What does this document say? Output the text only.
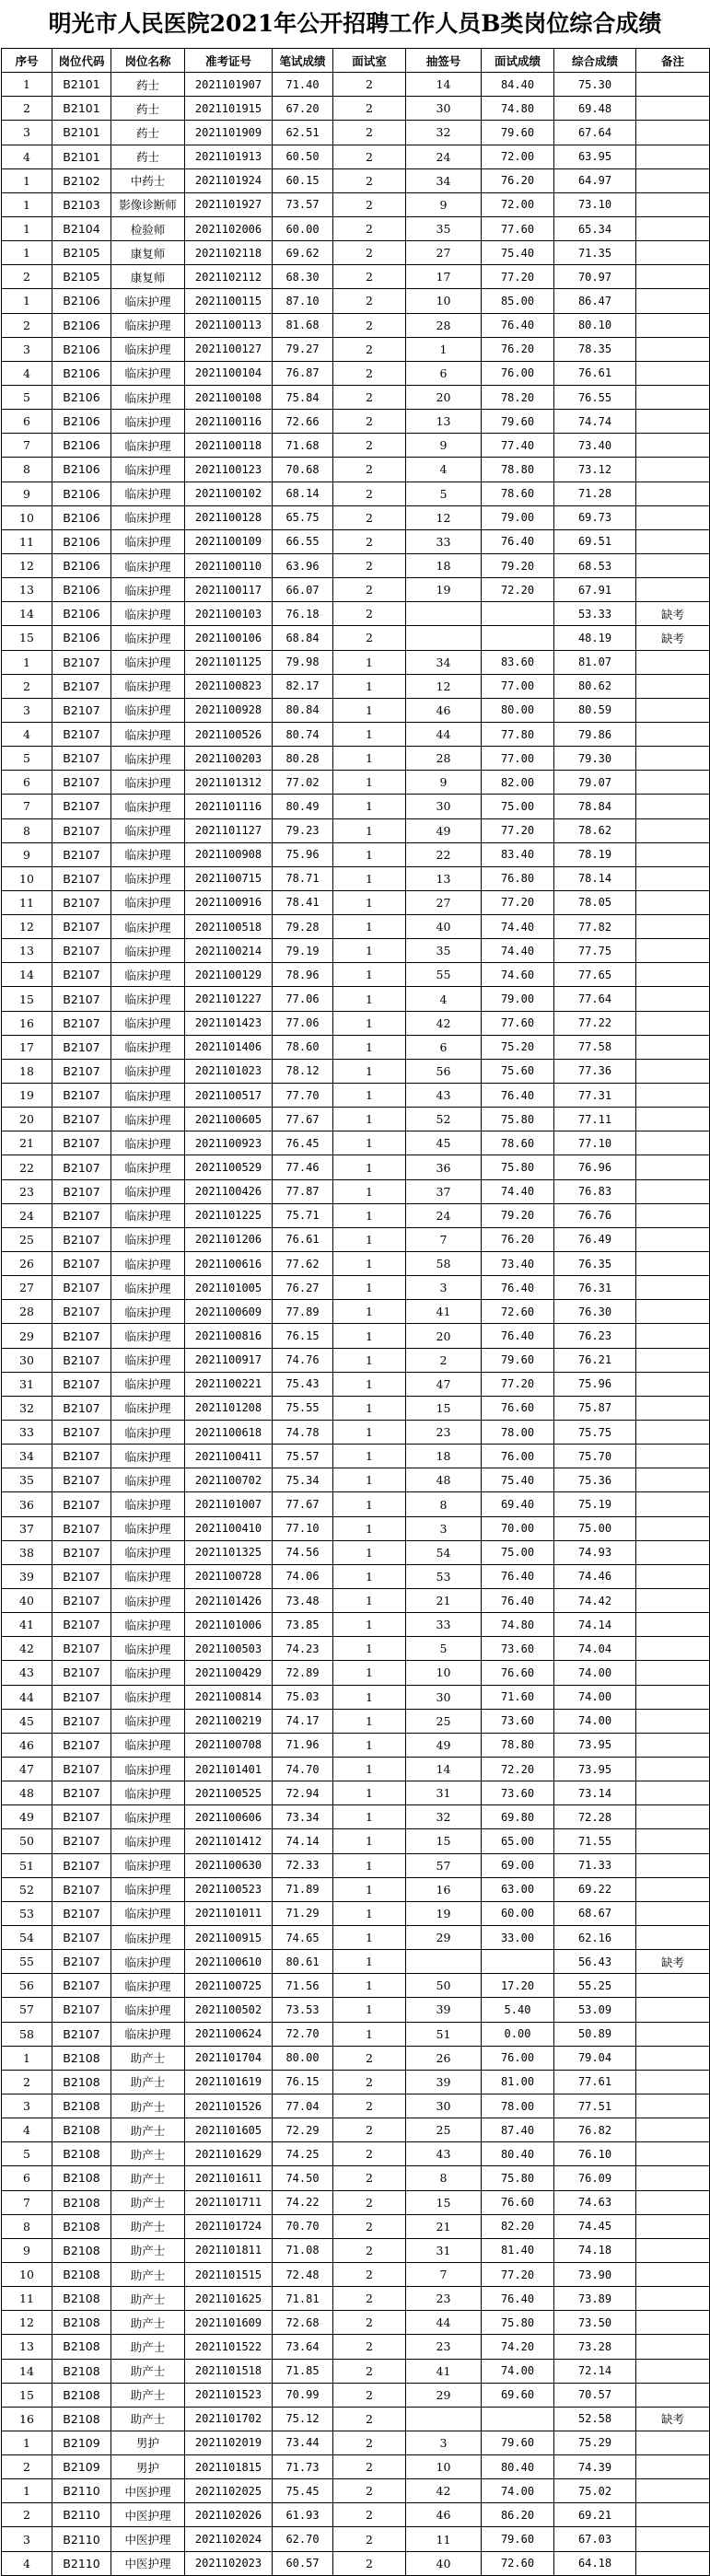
明光市人民医院2021年公开招聘工作人员B类岗位综合成绩
序号	岗位代码	岗位名称	准考证号	笔试成绩	面试室	抽签号	面试成绩	综合成绩	备注
1	B2101	药士	2021101907	71.40	2	14	84.40	75.30	
2	B2101	药士	2021101915	67.20	2	30	74.80	69.48	
3	B2101	药士	2021101909	62.51	2	32	79.60	67.64	
4	B2101	药士	2021101913	60.50	2	24	72.00	63.95	
1	B2102	中药士	2021101924	60.15	2	34	76.20	64.97	
1	B2103	影像诊断师	2021101927	73.57	2	9	72.00	73.10	
1	B2104	检验师	2021102006	60.00	2	35	77.60	65.34	
1	B2105	康复师	2021102118	69.62	2	27	75.40	71.35	
2	B2105	康复师	2021102112	68.30	2	17	77.20	70.97	
1	B2106	临床护理	2021100115	87.10	2	10	85.00	86.47	
2	B2106	临床护理	2021100113	81.68	2	28	76.40	80.10	
3	B2106	临床护理	2021100127	79.27	2	1	76.20	78.35	
4	B2106	临床护理	2021100104	76.87	2	6	76.00	76.61	
5	B2106	临床护理	2021100108	75.84	2	20	78.20	76.55	
6	B2106	临床护理	2021100116	72.66	2	13	79.60	74.74	
7	B2106	临床护理	2021100118	71.68	2	9	77.40	73.40	
8	B2106	临床护理	2021100123	70.68	2	4	78.80	73.12	
9	B2106	临床护理	2021100102	68.14	2	5	78.60	71.28	
10	B2106	临床护理	2021100128	65.75	2	12	79.00	69.73	
11	B2106	临床护理	2021100109	66.55	2	33	76.40	69.51	
12	B2106	临床护理	2021100110	63.96	2	18	79.20	68.53	
13	B2106	临床护理	2021100117	66.07	2	19	72.20	67.91	
14	B2106	临床护理	2021100103	76.18	2			53.33	缺考
15	B2106	临床护理	2021100106	68.84	2			48.19	缺考
1	B2107	临床护理	2021101125	79.98	1	34	83.60	81.07	
2	B2107	临床护理	2021100823	82.17	1	12	77.00	80.62	
3	B2107	临床护理	2021100928	80.84	1	46	80.00	80.59	
4	B2107	临床护理	2021100526	80.74	1	44	77.80	79.86	
5	B2107	临床护理	2021100203	80.28	1	28	77.00	79.30	
6	B2107	临床护理	2021101312	77.02	1	9	82.00	79.07	
7	B2107	临床护理	2021101116	80.49	1	30	75.00	78.84	
8	B2107	临床护理	2021101127	79.23	1	49	77.20	78.62	
9	B2107	临床护理	2021100908	75.96	1	22	83.40	78.19	
10	B2107	临床护理	2021100715	78.71	1	13	76.80	78.14	
11	B2107	临床护理	2021100916	78.41	1	27	77.20	78.05	
12	B2107	临床护理	2021100518	79.28	1	40	74.40	77.82	
13	B2107	临床护理	2021100214	79.19	1	35	74.40	77.75	
14	B2107	临床护理	2021100129	78.96	1	55	74.60	77.65	
15	B2107	临床护理	2021101227	77.06	1	4	79.00	77.64	
16	B2107	临床护理	2021101423	77.06	1	42	77.60	77.22	
17	B2107	临床护理	2021101406	78.60	1	6	75.20	77.58	
18	B2107	临床护理	2021101023	78.12	1	56	75.60	77.36	
19	B2107	临床护理	2021100517	77.70	1	43	76.40	77.31	
20	B2107	临床护理	2021100605	77.67	1	52	75.80	77.11	
21	B2107	临床护理	2021100923	76.45	1	45	78.60	77.10	
22	B2107	临床护理	2021100529	77.46	1	36	75.80	76.96	
23	B2107	临床护理	2021100426	77.87	1	37	74.40	76.83	
24	B2107	临床护理	2021101225	75.71	1	24	79.20	76.76	
25	B2107	临床护理	2021101206	76.61	1	7	76.20	76.49	
26	B2107	临床护理	2021100616	77.62	1	58	73.40	76.35	
27	B2107	临床护理	2021101005	76.27	1	3	76.40	76.31	
28	B2107	临床护理	2021100609	77.89	1	41	72.60	76.30	
29	B2107	临床护理	2021100816	76.15	1	20	76.40	76.23	
30	B2107	临床护理	2021100917	74.76	1	2	79.60	76.21	
31	B2107	临床护理	2021100221	75.43	1	47	77.20	75.96	
32	B2107	临床护理	2021101208	75.55	1	15	76.60	75.87	
33	B2107	临床护理	2021100618	74.78	1	23	78.00	75.75	
34	B2107	临床护理	2021100411	75.57	1	18	76.00	75.70	
35	B2107	临床护理	2021100702	75.34	1	48	75.40	75.36	
36	B2107	临床护理	2021101007	77.67	1	8	69.40	75.19	
37	B2107	临床护理	2021100410	77.10	1	3	70.00	75.00	
38	B2107	临床护理	2021101325	74.56	1	54	75.00	74.93	
39	B2107	临床护理	2021100728	74.06	1	53	76.40	74.46	
40	B2107	临床护理	2021101426	73.48	1	21	76.40	74.42	
41	B2107	临床护理	2021101006	73.85	1	33	74.80	74.14	
42	B2107	临床护理	2021100503	74.23	1	5	73.60	74.04	
43	B2107	临床护理	2021100429	72.89	1	10	76.60	74.00	
44	B2107	临床护理	2021100814	75.03	1	30	71.60	74.00	
45	B2107	临床护理	2021100219	74.17	1	25	73.60	74.00	
46	B2107	临床护理	2021100708	71.96	1	49	78.80	73.95	
47	B2107	临床护理	2021101401	74.70	1	14	72.20	73.95	
48	B2107	临床护理	2021100525	72.94	1	31	73.60	73.14	
49	B2107	临床护理	2021100606	73.34	1	32	69.80	72.28	
50	B2107	临床护理	2021101412	74.14	1	15	65.00	71.55	
51	B2107	临床护理	2021100630	72.33	1	57	69.00	71.33	
52	B2107	临床护理	2021100523	71.89	1	16	63.00	69.22	
53	B2107	临床护理	2021101011	71.29	1	19	60.00	68.67	
54	B2107	临床护理	2021100915	74.65	1	29	33.00	62.16	
55	B2107	临床护理	2021100610	80.61	1			56.43	缺考
56	B2107	临床护理	2021100725	71.56	1	50	17.20	55.25	
57	B2107	临床护理	2021100502	73.53	1	39	5.40	53.09	
58	B2107	临床护理	2021100624	72.70	1	51	0.00	50.89	
1	B2108	助产士	2021101704	80.00	2	26	76.00	79.04	
2	B2108	助产士	2021101619	76.15	2	39	81.00	77.61	
3	B2108	助产士	2021101526	77.04	2	30	78.00	77.51	
4	B2108	助产士	2021101605	72.29	2	25	87.40	76.82	
5	B2108	助产士	2021101629	74.25	2	43	80.40	76.10	
6	B2108	助产士	2021101611	74.50	2	8	75.80	76.09	
7	B2108	助产士	2021101711	74.22	2	15	76.60	74.63	
8	B2108	助产士	2021101724	70.70	2	21	82.20	74.45	
9	B2108	助产士	2021101811	71.08	2	31	81.40	74.18	
10	B2108	助产士	2021101515	72.48	2	7	77.20	73.90	
11	B2108	助产士	2021101625	71.81	2	23	76.40	73.89	
12	B2108	助产士	2021101609	72.68	2	44	75.80	73.50	
13	B2108	助产士	2021101522	73.64	2	23	74.20	73.28	
14	B2108	助产士	2021101518	71.85	2	41	74.00	72.14	
15	B2108	助产士	2021101523	70.99	2	29	69.60	70.57	
16	B2108	助产士	2021101702	75.12	2			52.58	缺考
1	B2109	男护	2021102019	73.44	2	3	79.60	75.29	
2	B2109	男护	2021101815	71.73	2	10	80.40	74.39	
1	B2110	中医护理	2021102025	75.45	2	42	74.00	75.02	
2	B2110	中医护理	2021102026	61.93	2	46	86.20	69.21	
3	B2110	中医护理	2021102024	62.70	2	11	79.60	67.03	
4	B2110	中医护理	2021102023	60.57	2	40	72.60	64.18	
